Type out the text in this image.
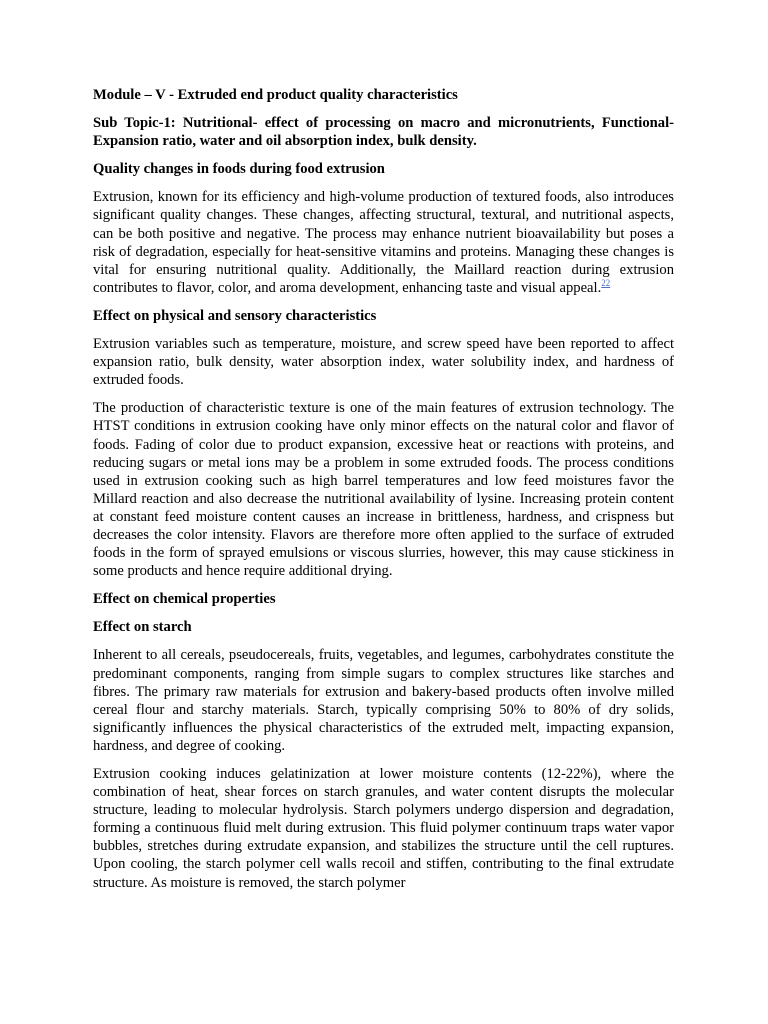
Module – V - Extruded end product quality characteristics
Sub Topic-1: Nutritional- effect of processing on macro and micronutrients, Functional- Expansion ratio, water and oil absorption index, bulk density.
Quality changes in foods during food extrusion

Extrusion, known for its efficiency and high-volume production of textured foods, also introduces significant quality changes. These changes, affecting structural, textural, and nutritional aspects, can be both positive and negative. The process may enhance nutrient bioavailability but poses a risk of degradation, especially for heat-sensitive vitamins and proteins. Managing these changes is vital for ensuring nutritional quality. Additionally, the Maillard reaction during extrusion contributes to flavor, color, and aroma development, enhancing taste and visual appeal.$^{22}$

Effect on physical and sensory characteristics

Extrusion variables such as temperature, moisture, and screw speed have been reported to affect expansion ratio, bulk density, water absorption index, water solubility index, and hardness of extruded foods.

The production of characteristic texture is one of the main features of extrusion technology. The HTST conditions in extrusion cooking have only minor effects on the natural color and flavor of foods. Fading of color due to product expansion, excessive heat or reactions with proteins, and reducing sugars or metal ions may be a problem in some extruded foods. The process conditions used in extrusion cooking such as high barrel temperatures and low feed moistures favor the Millard reaction and also decrease the nutritional availability of lysine. Increasing protein content at constant feed moisture content causes an increase in brittleness, hardness, and crispness but decreases the color intensity. Flavors are therefore more often applied to the surface of extruded foods in the form of sprayed emulsions or viscous slurries, however, this may cause stickiness in some products and hence require additional drying.

Effect on chemical properties
Effect on starch

Inherent to all cereals, pseudocereals, fruits, vegetables, and legumes, carbohydrates constitute the predominant components, ranging from simple sugars to complex structures like starches and fibres. The primary raw materials for extrusion and bakery-based products often involve milled cereal flour and starchy materials. Starch, typically comprising 50% to 80% of dry solids, significantly influences the physical characteristics of the extruded melt, impacting expansion, hardness, and degree of cooking.

Extrusion cooking induces gelatinization at lower moisture contents (12-22%), where the combination of heat, shear forces on starch granules, and water content disrupts the molecular structure, leading to molecular hydrolysis. Starch polymers undergo dispersion and degradation, forming a continuous fluid melt during extrusion. This fluid polymer continuum traps water vapor bubbles, stretches during extrudate expansion, and stabilizes the structure until the cell ruptures. Upon cooling, the starch polymer cell walls recoil and stiffen, contributing to the final extrudate structure. As moisture is removed, the starch polymer
